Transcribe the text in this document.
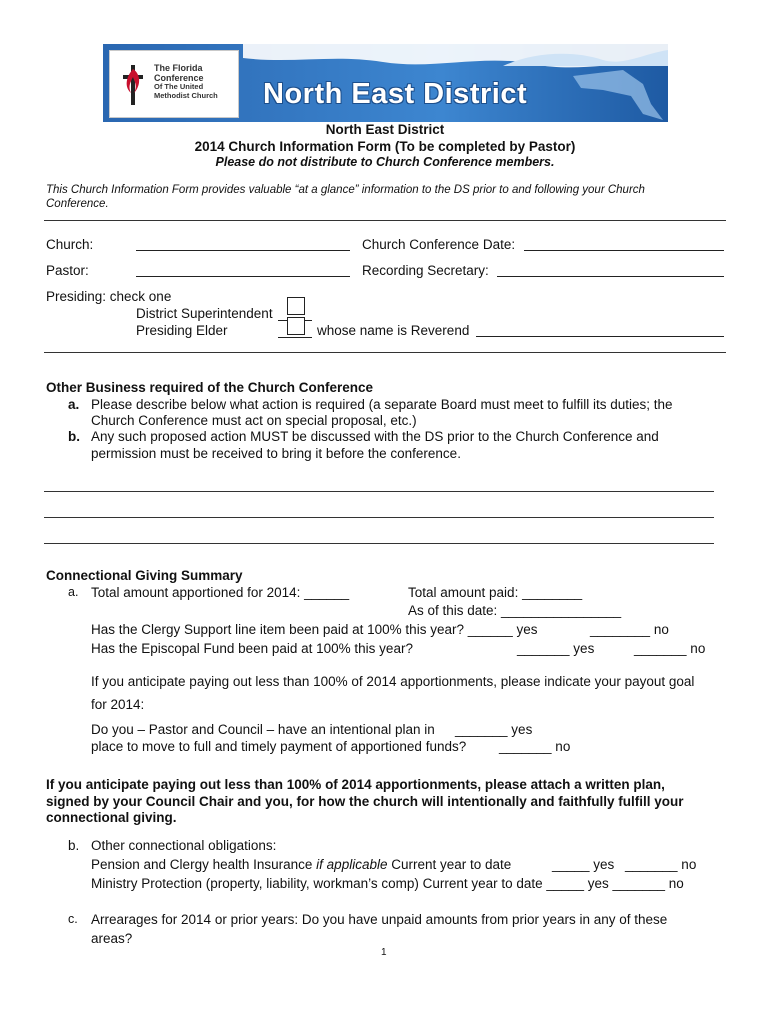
The Florida
Conference
Of The United
Methodist Church	North East District
North East District
2014 Church Information Form (To be completed by Pastor)
Please do not distribute to Church Conference members.
This Church Information Form provides valuable “at a glance” information to the DS prior to and following your Church
Conference.
Church:	Church Conference Date:
Pastor:	Recording Secretary:
Presiding: check one
District Superintendent
Presiding Elder	whose name is Reverend
Other Business required of the Church Conference
a. Please describe below what action is required (a separate Board must meet to fulfill its duties; the
Church Conference must act on special proposal, etc.)
b. Any such proposed action MUST be discussed with the DS prior to the Church Conference and
permission must be received to bring it before the conference.
Connectional Giving Summary
a. Total amount apportioned for 2014: ______	Total amount paid: ________
As of this date: ________________
Has the Clergy Support line item been paid at 100% this year? ______ yes	________ no
Has the Episcopal Fund been paid at 100% this year?	_______ yes	_______ no
If you anticipate paying out less than 100% of 2014 apportionments, please indicate your payout goal
for 2014:
Do you – Pastor and Council – have an intentional plan in _______ yes
place to move to full and timely payment of apportioned funds? _______ no
If you anticipate paying out less than 100% of 2014 apportionments, please attach a written plan,
signed by your Council Chair and you, for how the church will intentionally and faithfully fulfill your
connectional giving.
b. Other connectional obligations:
Pension and Clergy health Insurance if applicable Current year to date	_____ yes _______ no
Ministry Protection (property, liability, workman’s comp) Current year to date _____ yes _______ no
c. Arrearages for 2014 or prior years: Do you have unpaid amounts from prior years in any of these
areas?
1
